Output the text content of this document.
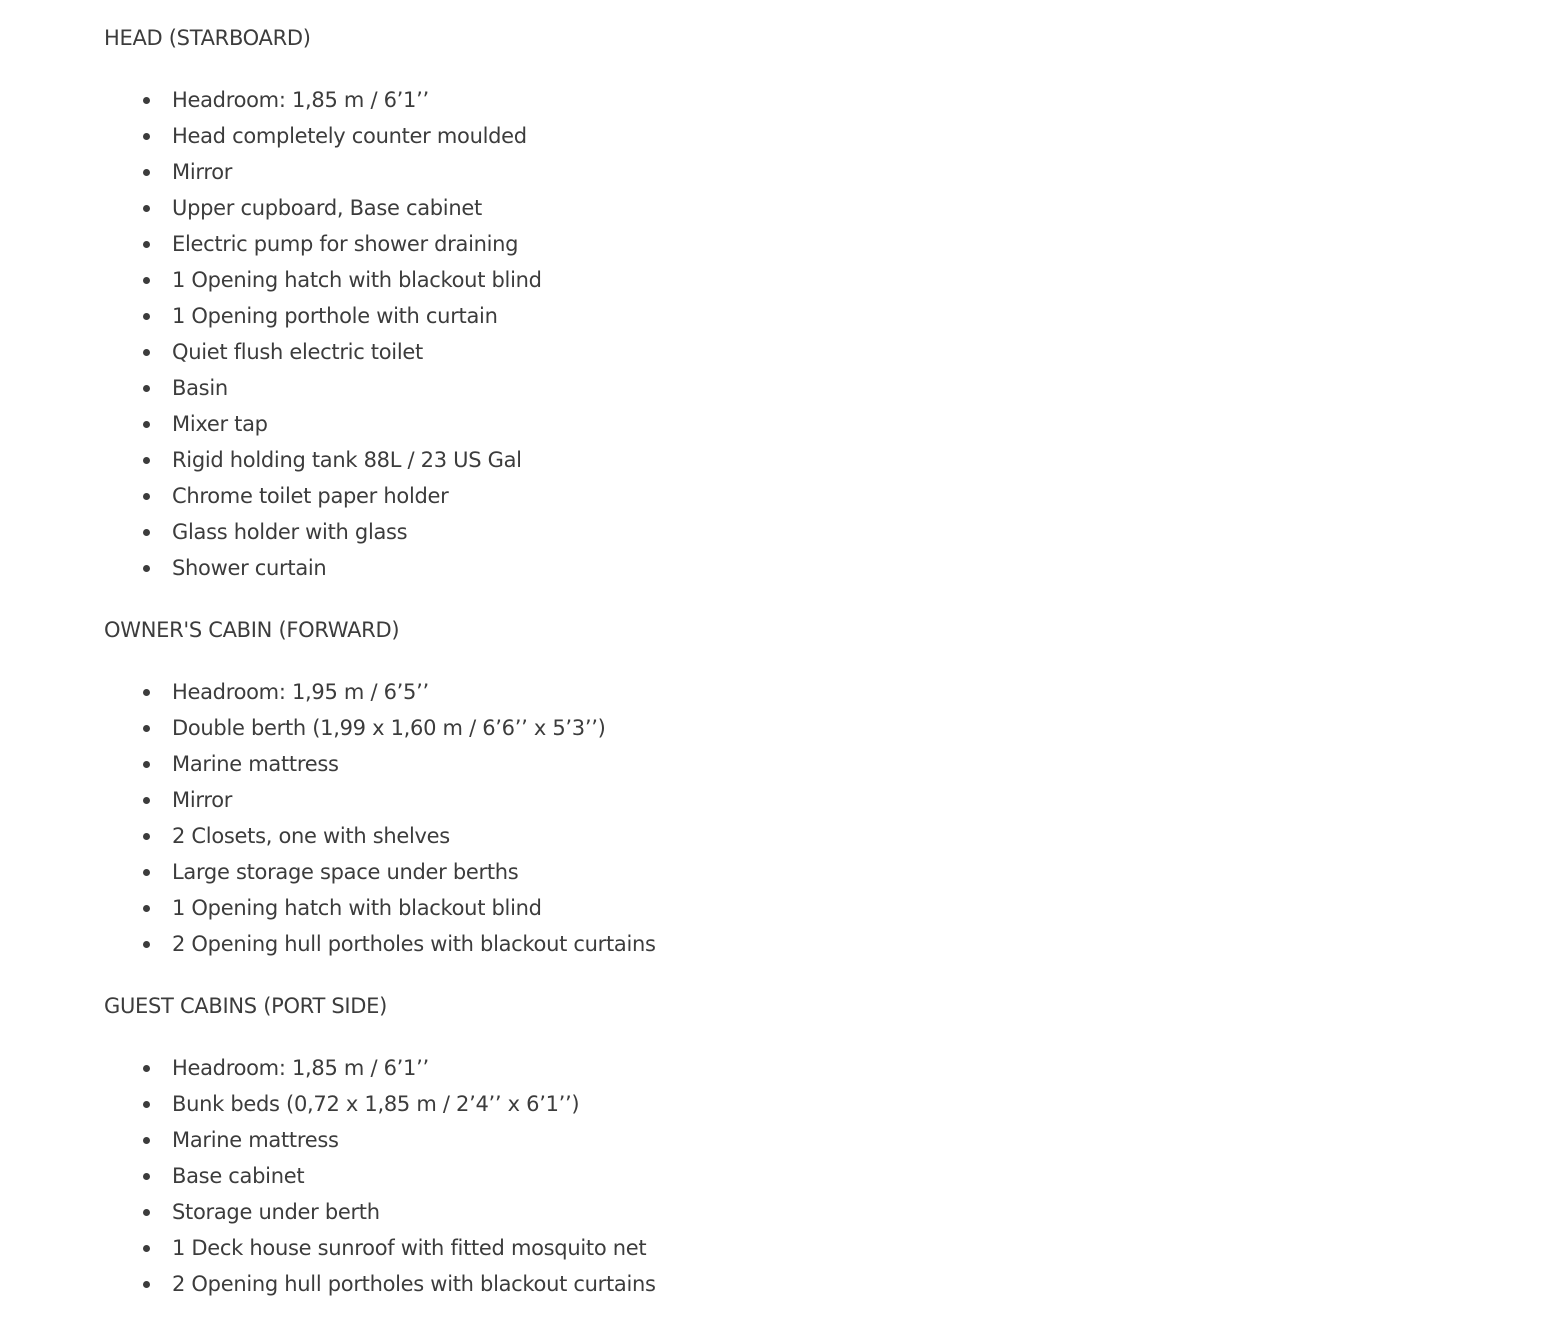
HEAD (STARBOARD)
Headroom: 1,85 m / 6’1’’
Head completely counter moulded
Mirror
Upper cupboard, Base cabinet
Electric pump for shower draining
1 Opening hatch with blackout blind
1 Opening porthole with curtain
Quiet flush electric toilet
Basin
Mixer tap
Rigid holding tank 88L / 23 US Gal
Chrome toilet paper holder
Glass holder with glass
Shower curtain
OWNER'S CABIN (FORWARD)
Headroom: 1,95 m / 6’5’’
Double berth (1,99 x 1,60 m / 6’6’’ x 5’3’’)
Marine mattress
Mirror
2 Closets, one with shelves
Large storage space under berths
1 Opening hatch with blackout blind
2 Opening hull portholes with blackout curtains
GUEST CABINS (PORT SIDE)
Headroom: 1,85 m / 6’1’’
Bunk beds (0,72 x 1,85 m / 2’4’’ x 6’1’’)
Marine mattress
Base cabinet
Storage under berth
1 Deck house sunroof with fitted mosquito net
2 Opening hull portholes with blackout curtains
